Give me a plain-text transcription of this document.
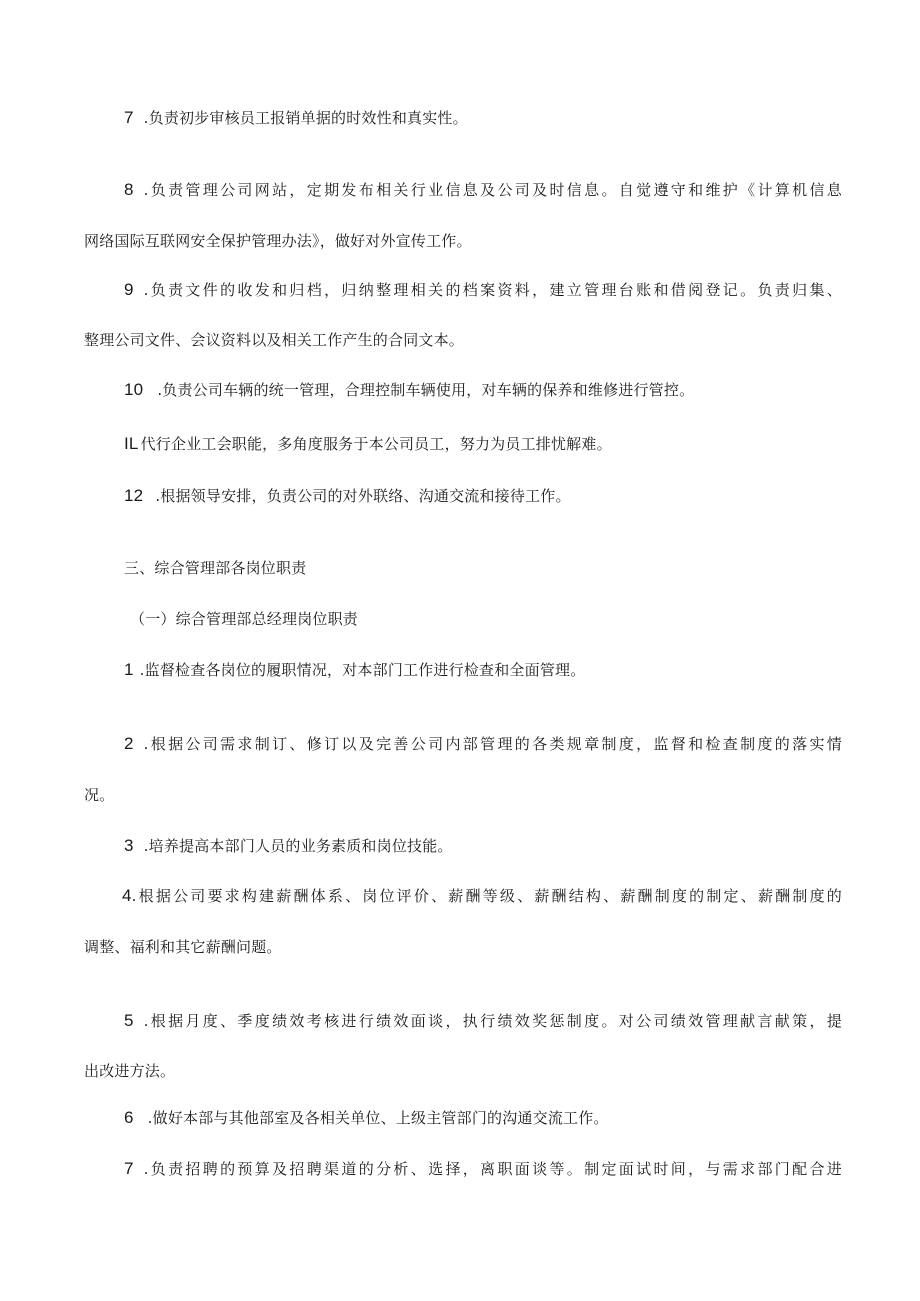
7 .负责初步审核员工报销单据的时效性和真实性。
8 .负责管理公司网站，定期发布相关行业信息及公司及时信息。自觉遵守和维护《计算机信息
网络国际互联网安全保护管理办法》，做好对外宣传工作。
9 .负责文件的收发和归档，归纳整理相关的档案资料，建立管理台账和借阅登记。负责归集、
整理公司文件、会议资料以及相关工作产生的合同文本。
10 .负责公司车辆的统一管理，合理控制车辆使用，对车辆的保养和维修进行管控。
IL 代行企业工会职能，多角度服务于本公司员工，努力为员工排忧解难。
12 .根据领导安排，负责公司的对外联络、沟通交流和接待工作。
三、综合管理部各岗位职责
（一）综合管理部总经理岗位职责
1 .监督检查各岗位的履职情况，对本部门工作进行检查和全面管理。
2 .根据公司需求制订、修订以及完善公司内部管理的各类规章制度，监督和检查制度的落实情
况。
3 .培养提高本部门人员的业务素质和岗位技能。
4.根据公司要求构建薪酬体系、岗位评价、薪酬等级、薪酬结构、薪酬制度的制定、薪酬制度的
调整、福利和其它薪酬问题。
5 .根据月度、季度绩效考核进行绩效面谈，执行绩效奖惩制度。对公司绩效管理献言献策，提
出改进方法。
6 .做好本部与其他部室及各相关单位、上级主管部门的沟通交流工作。
7 .负责招聘的预算及招聘渠道的分析、选择，离职面谈等。制定面试时间，与需求部门配合进
